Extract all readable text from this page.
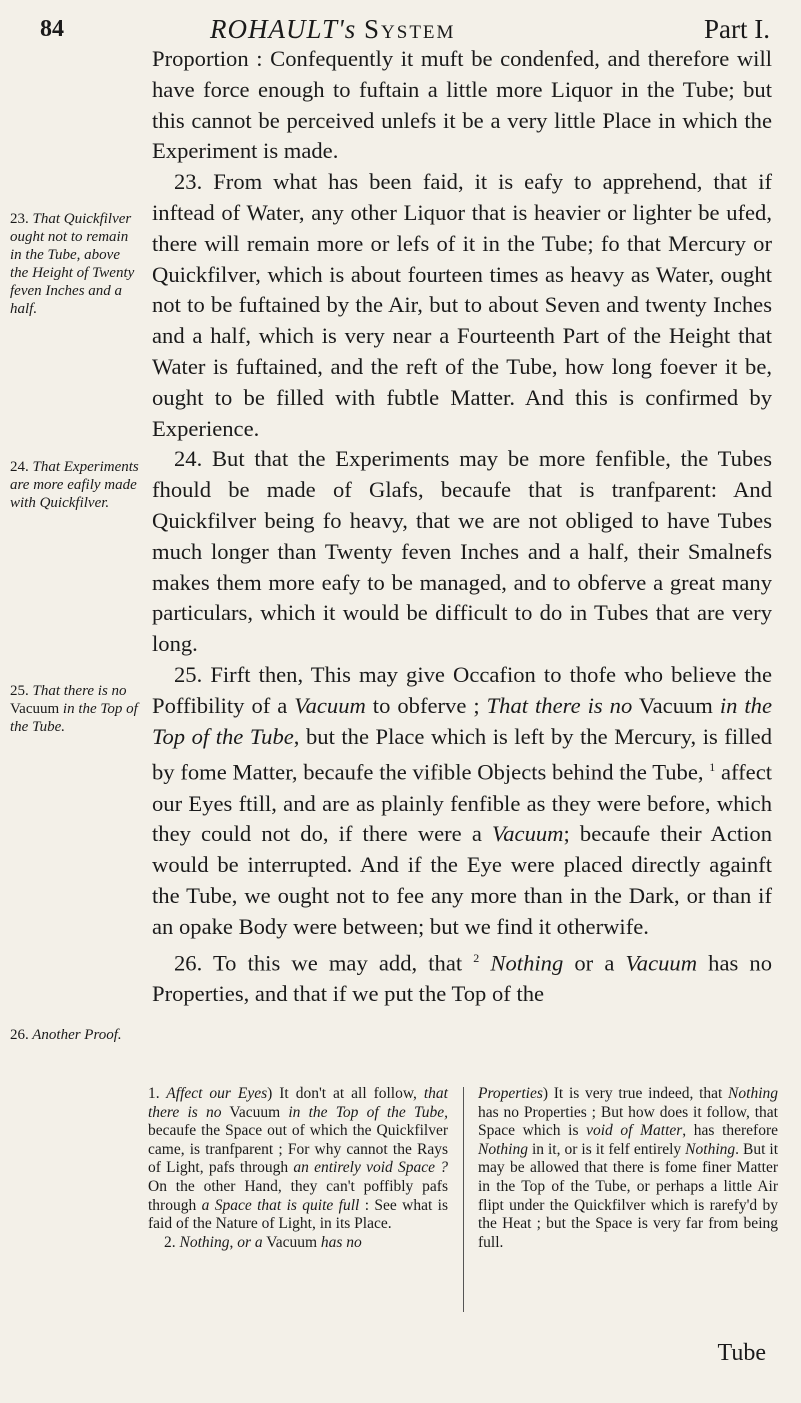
84	ROHAULT's System	Part I.

Proportion : Confequently it muft be condenfed, and therefore will have force enough to fuftain a little more Liquor in the Tube; but this cannot be perceived unlefs it be a very little Place in which the Experiment is made.

23. From what has been faid, it is eafy to apprehend, that if inftead of Water, any other Liquor that is heavier or lighter be ufed, there will remain more or lefs of it in the Tube; fo that Mercury or Quickfilver, which is about fourteen times as heavy as Water, ought not to be fuftained by the Air, but to about Seven and twenty Inches and a half, which is very near a Fourteenth Part of the Height that Water is fuftained, and the reft of the Tube, how long foever it be, ought to be filled with fubtle Matter. And this is confirmed by Experience.

24. But that the Experiments may be more fenfible, the Tubes fhould be made of Glafs, becaufe that is tranfparent: And Quickfilver being fo heavy, that we are not obliged to have Tubes much longer than Twenty feven Inches and a half, their Smalnefs makes them more eafy to be managed, and to obferve a great many particulars, which it would be difficult to do in Tubes that are very long.

25. Firft then, This may give Occafion to thofe who believe the Poffibility of a Vacuum to obferve ; That there is no Vacuum in the Top of the Tube, but the Place which is left by the Mercury, is filled by fome Matter, becaufe the vifible Objects behind the Tube, $^1$ affect our Eyes ftill, and are as plainly fenfible as they were before, which they could not do, if there were a Vacuum; becaufe their Action would be interrupted. And if the Eye were placed directly againft the Tube, we ought not to fee any more than in the Dark, or than if an opake Body were between; but we find it otherwife.

26. To this we may add, that $^2$ Nothing or a Vacuum has no Properties, and that if we put the Top of the

23. That Quickfilver ought not to remain in the Tube, above the Height of Twenty feven Inches and a half.
24. That Experiments are more eafily made with Quickfilver.
25. That there is no Vacuum in the Top of the Tube.
26. Another Proof.

1. Affect our Eyes) It don't at all follow, that there is no Vacuum in the Top of the Tube, becaufe the Space out of which the Quickfilver came, is tranfparent ; For why cannot the Rays of Light, pafs through an entirely void Space ? On the other Hand, they can't poffibly pafs through a Space that is quite full : See what is faid of the Nature of Light, in its Place.

2. Nothing, or a Vacuum has no

Properties) It is very true indeed, that Nothing has no Properties ; But how does it follow, that Space which is void of Matter, has therefore Nothing in it, or is it felf entirely Nothing. But it may be allowed that there is fome finer Matter in the Top of the Tube, or perhaps a little Air flipt under the Quickfilver which is rarefy'd by the Heat ; but the Space is very far from being full.

Tube
